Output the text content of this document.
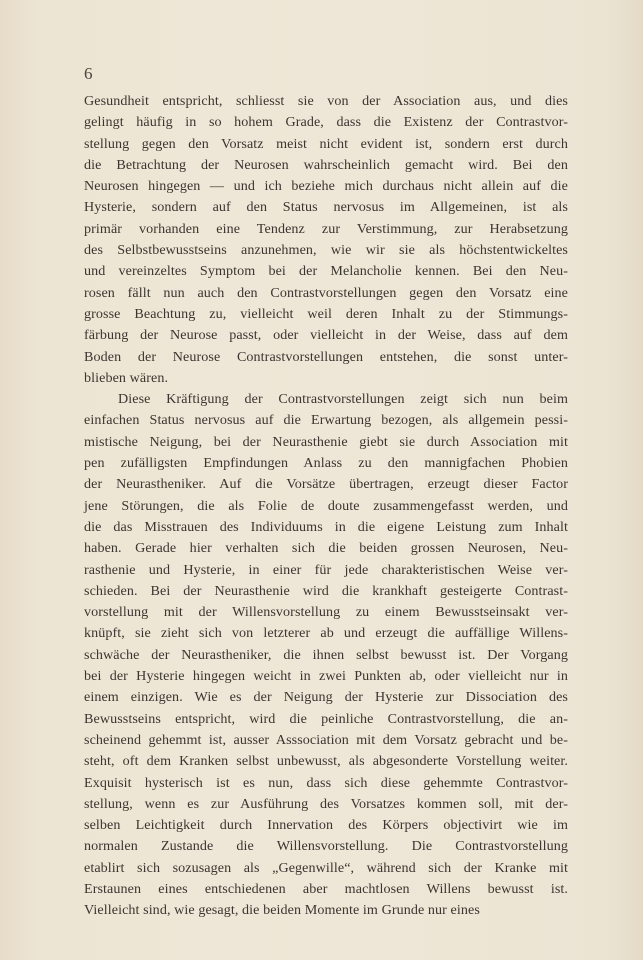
6
Gesundheit entspricht, schliesst sie von der Association aus, und dies
gelingt häufig in so hohem Grade, dass die Existenz der Contrastvor-
stellung gegen den Vorsatz meist nicht evident ist, sondern erst durch
die Betrachtung der Neurosen wahrscheinlich gemacht wird. Bei den
Neurosen hingegen — und ich beziehe mich durchaus nicht allein auf die
Hysterie, sondern auf den Status nervosus im Allgemeinen, ist als
primär vorhanden eine Tendenz zur Verstimmung, zur Herabsetzung
des Selbstbewusstseins anzunehmen, wie wir sie als höchstentwickeltes
und vereinzeltes Symptom bei der Melancholie kennen. Bei den Neu-
rosen fällt nun auch den Contrastvorstellungen gegen den Vorsatz eine
grosse Beachtung zu, vielleicht weil deren Inhalt zu der Stimmungs-
färbung der Neurose passt, oder vielleicht in der Weise, dass auf dem
Boden der Neurose Contrastvorstellungen entstehen, die sonst unter-
blieben wären.
Diese Kräftigung der Contrastvorstellungen zeigt sich nun beim
einfachen Status nervosus auf die Erwartung bezogen, als allgemein pessi-
mistische Neigung, bei der Neurasthenie giebt sie durch Association mit
pen zufälligsten Empfindungen Anlass zu den mannigfachen Phobien
der Neurastheniker. Auf die Vorsätze übertragen, erzeugt dieser Factor
jene Störungen, die als Folie de doute zusammengefasst werden, und
die das Misstrauen des Individuums in die eigene Leistung zum Inhalt
haben. Gerade hier verhalten sich die beiden grossen Neurosen, Neu-
rasthenie und Hysterie, in einer für jede charakteristischen Weise ver-
schieden. Bei der Neurasthenie wird die krankhaft gesteigerte Contrast-
vorstellung mit der Willensvorstellung zu einem Bewusstseinsakt ver-
knüpft, sie zieht sich von letzterer ab und erzeugt die auffällige Willens-
schwäche der Neurastheniker, die ihnen selbst bewusst ist. Der Vorgang
bei der Hysterie hingegen weicht in zwei Punkten ab, oder vielleicht nur in
einem einzigen. Wie es der Neigung der Hysterie zur Dissociation des
Bewusstseins entspricht, wird die peinliche Contrastvorstellung, die an-
scheinend gehemmt ist, ausser Asssociation mit dem Vorsatz gebracht und be-
steht, oft dem Kranken selbst unbewusst, als abgesonderte Vorstellung weiter.
Exquisit hysterisch ist es nun, dass sich diese gehemmte Contrastvor-
stellung, wenn es zur Ausführung des Vorsatzes kommen soll, mit der-
selben Leichtigkeit durch Innervation des Körpers objectivirt wie im
normalen Zustande die Willensvorstellung. Die Contrastvorstellung
etablirt sich sozusagen als „Gegenwille“, während sich der Kranke mit
Erstaunen eines entschiedenen aber machtlosen Willens bewusst ist.
Vielleicht sind, wie gesagt, die beiden Momente im Grunde nur eines
